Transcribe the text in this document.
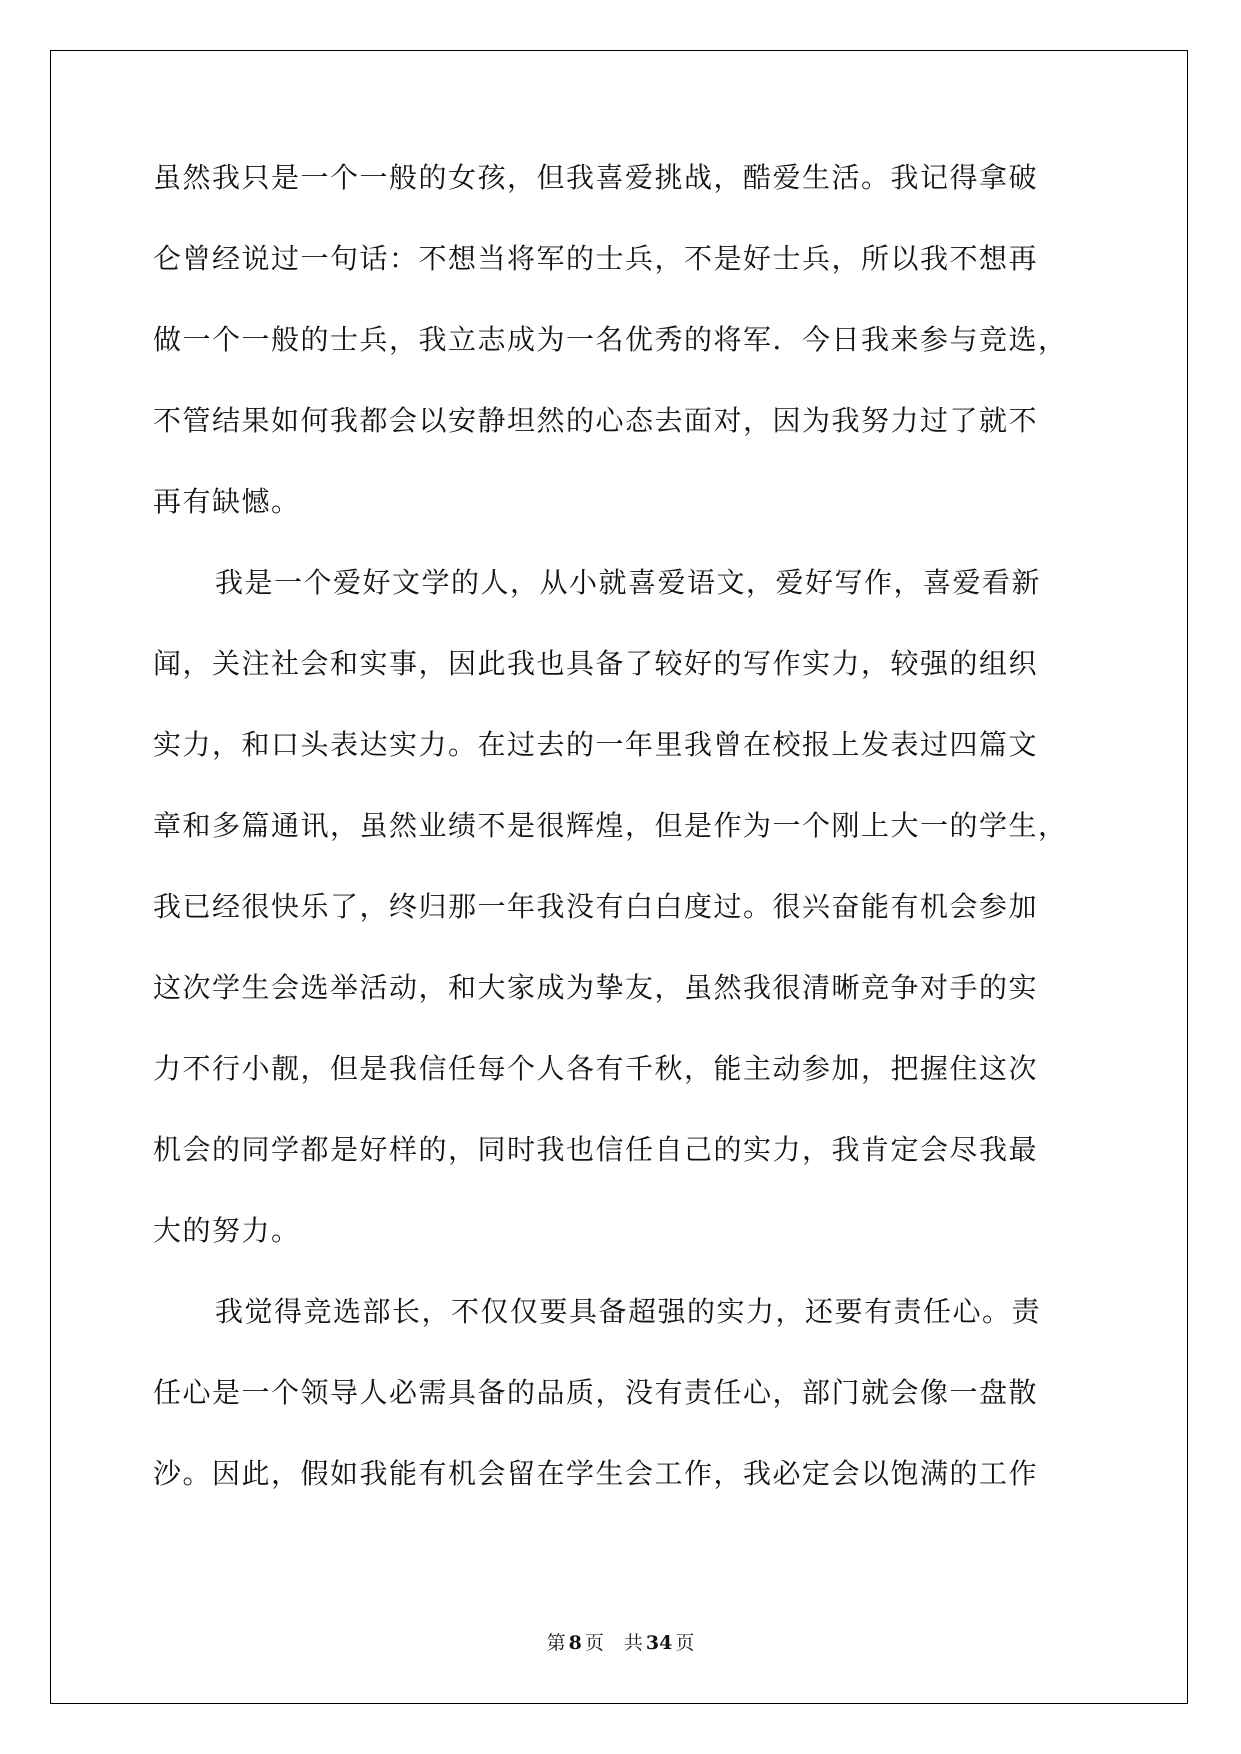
虽然我只是一个一般的女孩，但我喜爱挑战，酷爱生活。我记得拿破
仑曾经说过一句话：不想当将军的士兵，不是好士兵，所以我不想再
做一个一般的士兵，我立志成为一名优秀的将军．今日我来参与竞选，
不管结果如何我都会以安静坦然的心态去面对，因为我努力过了就不
再有缺憾。
我是一个爱好文学的人，从小就喜爱语文，爱好写作，喜爱看新
闻，关注社会和实事，因此我也具备了较好的写作实力，较强的组织
实力，和口头表达实力。在过去的一年里我曾在校报上发表过四篇文
章和多篇通讯，虽然业绩不是很辉煌，但是作为一个刚上大一的学生，
我已经很快乐了，终归那一年我没有白白度过。很兴奋能有机会参加
这次学生会选举活动，和大家成为挚友，虽然我很清晰竞争对手的实
力不行小靓，但是我信任每个人各有千秋，能主动参加，把握住这次
机会的同学都是好样的，同时我也信任自己的实力，我肯定会尽我最
大的努力。
我觉得竞选部长，不仅仅要具备超强的实力，还要有责任心。责
任心是一个领导人必需具备的品质，没有责任心，部门就会像一盘散
沙。因此，假如我能有机会留在学生会工作，我必定会以饱满的工作
第 8 页 共 34 页
